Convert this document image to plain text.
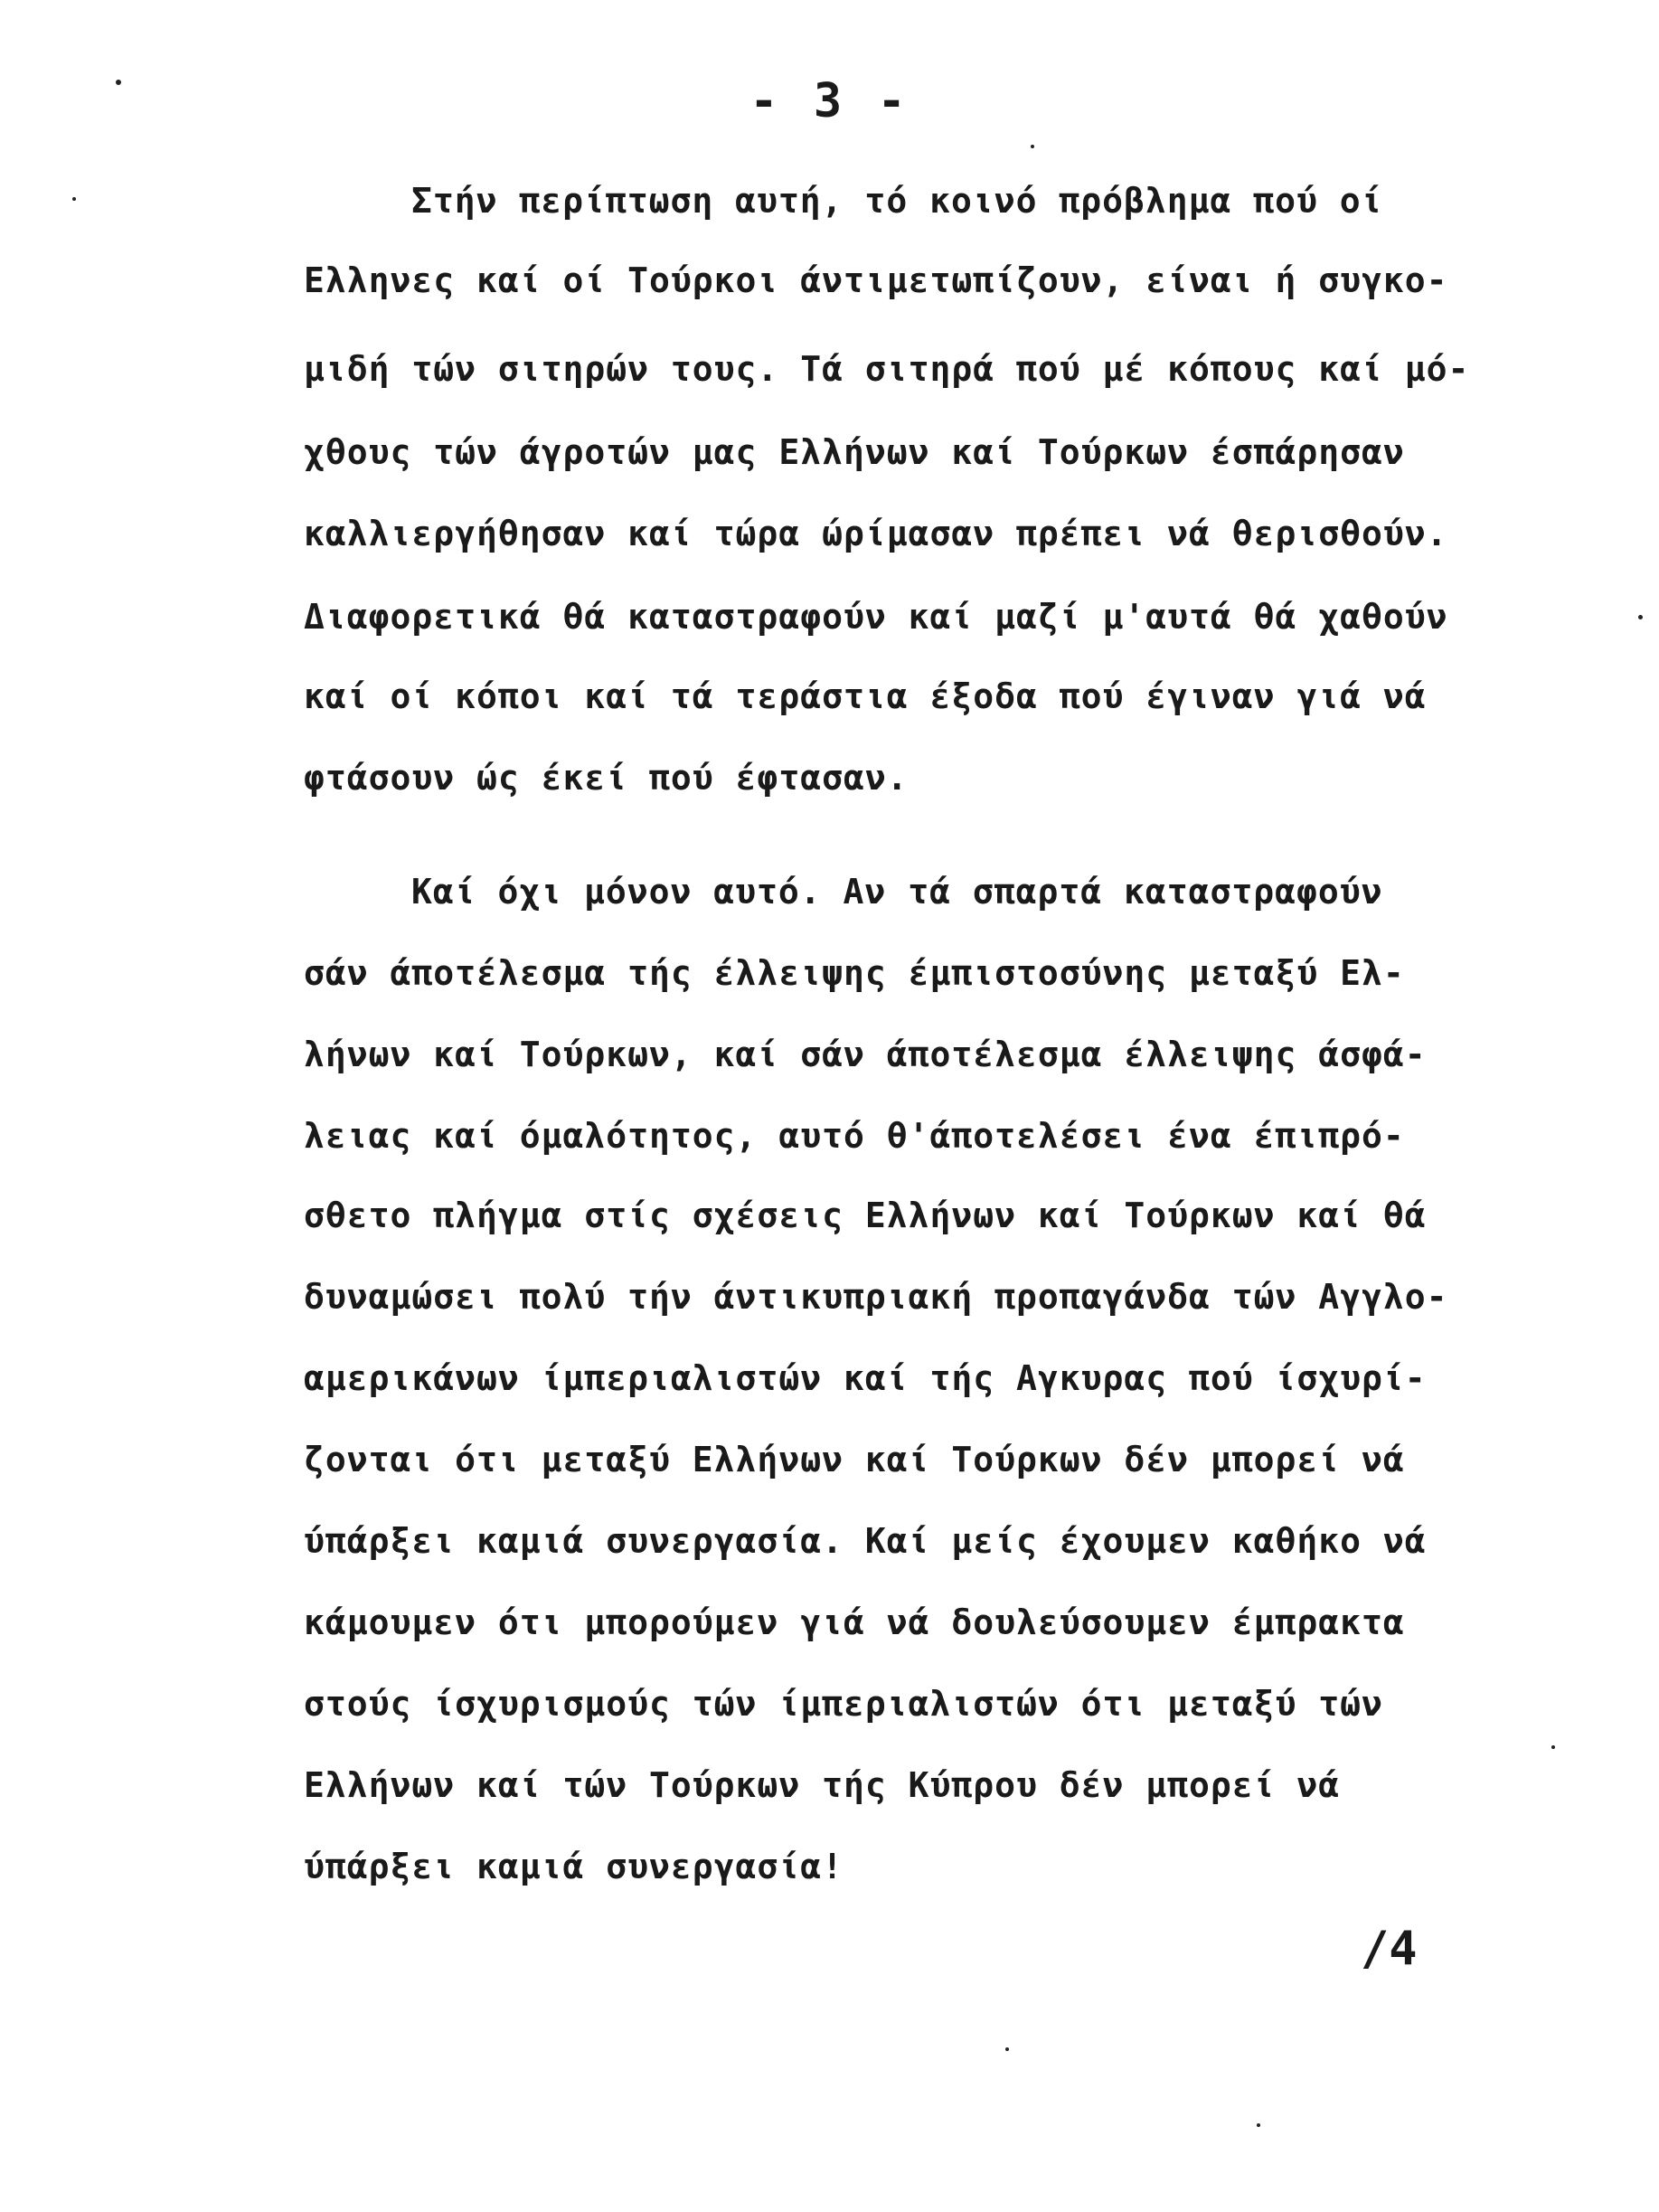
- 3 -
Στήν περίπτωση αυτή, τό κοινό πρόβλημα πού οί
Ελληνες καί οί Τούρκοι άντιμετωπίζουν, είναι ή συγκο-
μιδή τών σιτηρών τους. Τά σιτηρά πού μέ κόπους καί μό-
χθους τών άγροτών μας Ελλήνων καί Τούρκων έσπάρησαν
καλλιεργήθησαν καί τώρα ώρίμασαν πρέπει νά θερισθούν.
Διαφορετικά θά καταστραφούν καί μαζί μ'αυτά θά χαθούν
καί οί κόποι καί τά τεράστια έξοδα πού έγιναν γιά νά
φτάσουν ώς έκεί πού έφτασαν.
Καί όχι μόνον αυτό. Αν τά σπαρτά καταστραφούν
σάν άποτέλεσμα τής έλλειψης έμπιστοσύνης μεταξύ Ελ-
λήνων καί Τούρκων, καί σάν άποτέλεσμα έλλειψης άσφά-
λειας καί όμαλότητος, αυτό θ'άποτελέσει ένα έπιπρό-
σθετο πλήγμα στίς σχέσεις Ελλήνων καί Τούρκων καί θά
δυναμώσει πολύ τήν άντικυπριακή προπαγάνδα τών Αγγλο-
αμερικάνων ίμπεριαλιστών καί τής Αγκυρας πού ίσχυρί-
ζονται ότι μεταξύ Ελλήνων καί Τούρκων δέν μπορεί νά
ύπάρξει καμιά συνεργασία. Καί μείς έχουμεν καθήκο νά
κάμουμεν ότι μπορούμεν γιά νά δουλεύσουμεν έμπρακτα
στούς ίσχυρισμούς τών ίμπεριαλιστών ότι μεταξύ τών
Ελλήνων καί τών Τούρκων τής Κύπρου δέν μπορεί νά
ύπάρξει καμιά συνεργασία!
/4
